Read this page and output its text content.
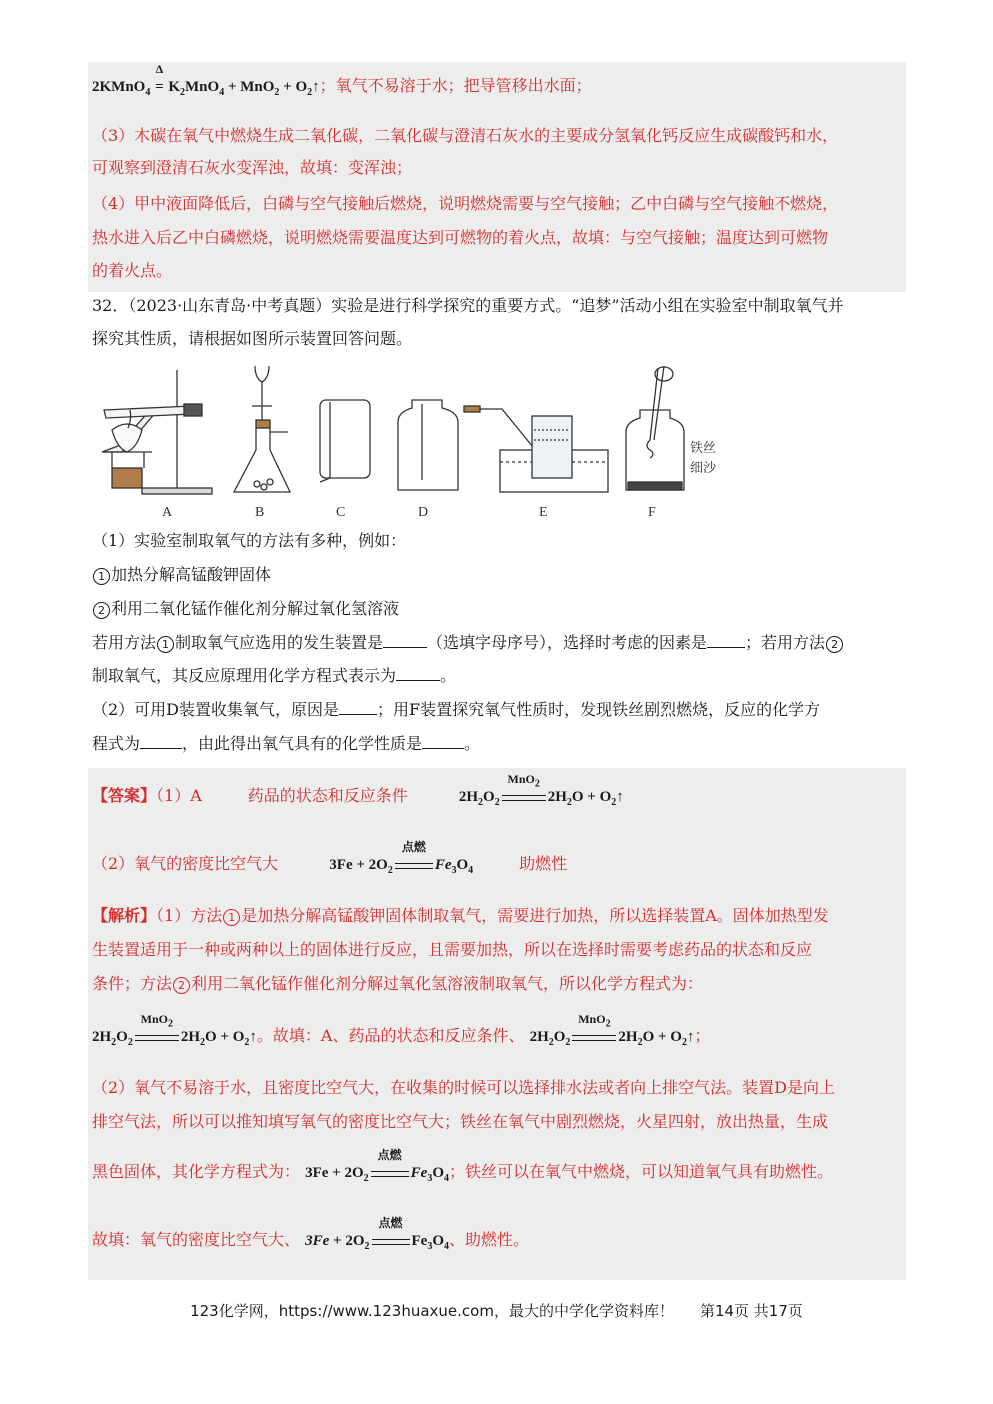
2KMnO$_4$
Δ
= $K_2MnO_4 + MnO_2$ + $O_2↑$；氧气不易溶于水；把导管移出水面；
（3）木碳在氧气中燃烧生成二氧化碳，二氧化碳与澄清石灰水的主要成分氢氧化钙反应生成碳酸钙和水，
可观察到澄清石灰水变浑浊，故填：变浑浊；
（4）甲中液面降低后，白磷与空气接触后燃烧，说明燃烧需要与空气接触；乙中白磷与空气接触不燃烧，
热水进入后乙中白磷燃烧，说明燃烧需要温度达到可燃物的着火点，故填：与空气接触；温度达到可燃物
的着火点。
32．（2023·山东青岛·中考真题）实验是进行科学探究的重要方式。“追梦”活动小组在实验室中制取氧气并
探究其性质，请根据如图所示装置回答问题。
铁丝
细沙
A	B	C	D	E	F
（1）实验室制取氧气的方法有多种，例如：
1 加热分解高锰酸钾固体
2 利用二氧化锰作催化剂分解过氧化氢溶液
若用方法 1 制取氧气应选用的发生装置是	（选填字母序号），选择时考虑的因素是 ；若用方法 2
制取氧气，其反应原理用化学方程式表示为	。
（2）可用D装置收集氧气，原因是 ；用F装置探究氧气性质时，发现铁丝剧烈燃烧，反应的化学方
程式为	，由此得出氧气具有的化学性质是	。
【答案】（1）A	药品的状态和反应条件	$2H_2O_2$
MnO$_2$
$2H_2O$ + $O_2↑$
（2）氧气的密度比空气大	$3Fe + 2O_2$
点燃
$Fe_3O_4$	助燃性
【解析】（1）方法 1 是加热分解高锰酸钾固体制取氧气，需要进行加热，所以选择装置A。固体加热型发
生装置适用于一种或两种以上的固体进行反应，且需要加热，所以在选择时需要考虑药品的状态和反应
条件；方法 2 利用二氧化锰作催化剂分解过氧化氢溶液制取氧气，所以化学方程式为：
$2H_2O_2$
MnO$_2$
$2H_2O$ + $O_2↑$。故填：A、药品的状态和反应条件、 $2H_2O_2$
MnO$_2$
$2H_2O$ + $O_2↑$；
（2）氧气不易溶于水，且密度比空气大，在收集的时候可以选择排水法或者向上排空气法。装置D是向上
排空气法，所以可以推知填写氧气的密度比空气大；铁丝在氧气中剧烈燃烧，火星四射，放出热量，生成
黑色固体，其化学方程式为： $3Fe + 2O_2$
点燃
$Fe_3O_4$；铁丝可以在氧气中燃烧，可以知道氧气具有助燃性。
故填：氧气的密度比空气大、 $3Fe + 2O_2$
点燃
$Fe_3O_4$、助燃性。
123化学网，https://www.123huaxue.com，最大的中学化学资料库！ 第14页 共17页
